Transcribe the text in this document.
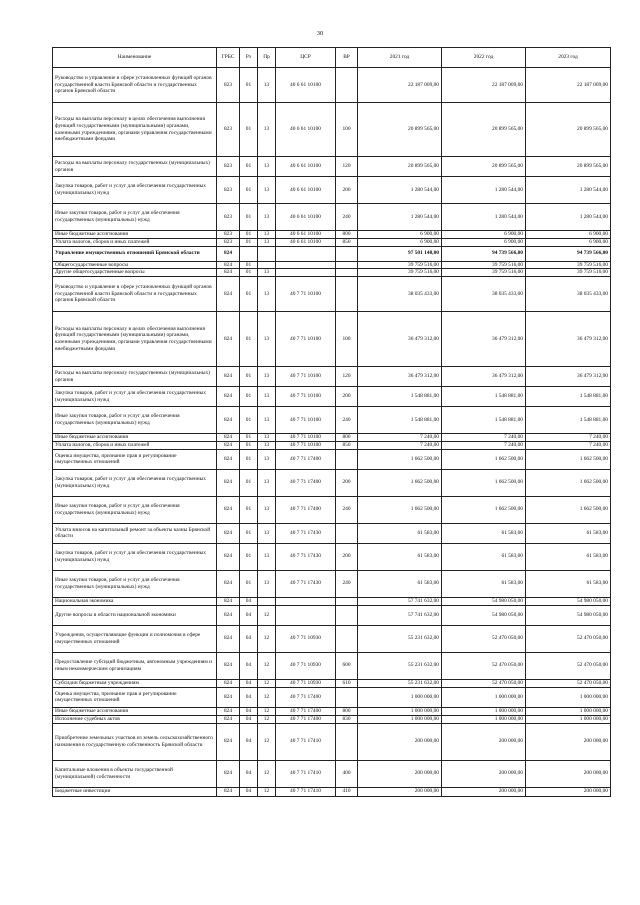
30
Наименование	ГРБС	Рз	Пр	ЦСР	ВР	2021 год	2022 год	2023 год
Руководство и управление в сфере установленных функций органов государственной власти Брянской области и государственных органов Брянской области	823	01	13	40 6 61 10100		22 187 009,00	22 187 009,00	22 187 009,00
Расходы на выплаты персоналу в целях обеспечения выполнения функций государственными (муниципальными) органами, казенными учреждениями, органами управления государственными внебюджетными фондами	823	01	13	40 6 61 10100	100	20 899 565,00	20 899 565,00	20 899 565,00
Расходы на выплаты персоналу государственных (муниципальных) органов	823	01	13	40 6 61 10100	120	20 899 565,00	20 899 565,00	20 899 565,00
Закупка товаров, работ и услуг для обеспечения государственных (муниципальных) нужд	823	01	13	40 6 61 10100	200	1 280 544,00	1 280 544,00	1 280 544,00
Иные закупки товаров, работ и услуг для обеспечения государственных (муниципальных) нужд	823	01	13	40 6 61 10100	240	1 280 544,00	1 280 544,00	1 280 544,00
Иные бюджетные ассигнования	823	01	13	40 6 61 10100	800	6 900,00	6 900,00	6 900,00
Уплата налогов, сборов и иных платежей	823	01	13	40 6 61 10100	850	6 900,00	6 900,00	6 900,00
Управление имущественных отношений Брянской области	824					97 501 148,00	94 739 566,00	94 739 566,00
Общегосударственные вопросы	824	01				39 759 516,00	39 759 516,00	39 759 516,00
Другие общегосударственные вопросы	824	01	13			39 759 516,00	39 759 516,00	39 759 516,00
Руководство и управление в сфере установленных функций органов государственной власти Брянской области и государственных органов Брянской области	824	01	13	40 7 71 10100		38 035 433,00	38 035 433,00	38 035 433,00
Расходы на выплаты персоналу в целях обеспечения выполнения функций государственными (муниципальными) органами, казенными учреждениями, органами управления государственными внебюджетными фондами	824	01	13	40 7 71 10100	100	36 479 312,00	36 479 312,00	36 479 312,00
Расходы на выплаты персоналу государственных (муниципальных) органов	824	01	13	40 7 71 10100	120	36 479 312,00	36 479 312,00	36 479 312,00
Закупка товаров, работ и услуг для обеспечения государственных (муниципальных) нужд	824	01	13	40 7 71 10100	200	1 548 881,00	1 548 881,00	1 548 881,00
Иные закупки товаров, работ и услуг для обеспечения государственных (муниципальных) нужд	824	01	13	40 7 71 10100	240	1 548 881,00	1 548 881,00	1 548 881,00
Иные бюджетные ассигнования	824	01	13	40 7 71 10100	800	7 240,00	7 240,00	7 240,00
Уплата налогов, сборов и иных платежей	824	01	13	40 7 71 10100	850	7 240,00	7 240,00	7 240,00
Оценка имущества, признание прав и регулирование имущественных отношений	824	01	13	40 7 71 17400		1 662 500,00	1 662 500,00	1 662 500,00
Закупка товаров, работ и услуг для обеспечения государственных (муниципальных) нужд	824	01	13	40 7 71 17400	200	1 662 500,00	1 662 500,00	1 662 500,00
Иные закупки товаров, работ и услуг для обеспечения государственных (муниципальных) нужд	824	01	13	40 7 71 17400	240	1 662 500,00	1 662 500,00	1 662 500,00
Уплата взносов на капитальный ремонт за объекты казны Брянской области	824	01	13	40 7 71 17430		61 583,00	61 583,00	61 583,00
Закупка товаров, работ и услуг для обеспечения государственных (муниципальных) нужд	824	01	13	40 7 71 17430	200	61 583,00	61 583,00	61 583,00
Иные закупки товаров, работ и услуг для обеспечения государственных (муниципальных) нужд	824	01	13	40 7 71 17430	240	61 583,00	61 583,00	61 583,00
Национальная экономика	824	04				57 741 632,00	54 980 050,00	54 980 050,00
Другие вопросы в области национальной экономики	824	04	12			57 741 632,00	54 980 050,00	54 980 050,00
Учреждения, осуществляющие функции и полномочия в сфере имущественных отношений	824	04	12	40 7 71 10930		55 231 632,00	52 470 050,00	52 470 050,00
Предоставление субсидий бюджетным, автономным учреждениям и иным некоммерческим организациям	824	04	12	40 7 71 10930	600	55 231 632,00	52 470 050,00	52 470 050,00
Субсидии бюджетным учреждениям	824	04	12	40 7 71 10930	610	55 231 632,00	52 470 050,00	52 470 050,00
Оценка имущества, признание прав и регулирование имущественных отношений	824	04	12	40 7 71 17400		1 000 000,00	1 000 000,00	1 000 000,00
Иные бюджетные ассигнования	824	04	12	40 7 71 17400	800	1 000 000,00	1 000 000,00	1 000 000,00
Исполнение судебных актов	824	04	12	40 7 71 17400	830	1 000 000,00	1 000 000,00	1 000 000,00
Приобретение земельных участков из земель сельскохозяйственного назначения в государственную собственность Брянской области	824	04	12	40 7 71 17410		200 000,00	200 000,00	200 000,00
Капитальные вложения в объекты государственной (муниципальной) собственности	824	04	12	40 7 71 17410	400	200 000,00	200 000,00	200 000,00
Бюджетные инвестиции	824	04	12	40 7 71 17410	410	200 000,00	200 000,00	200 000,00
